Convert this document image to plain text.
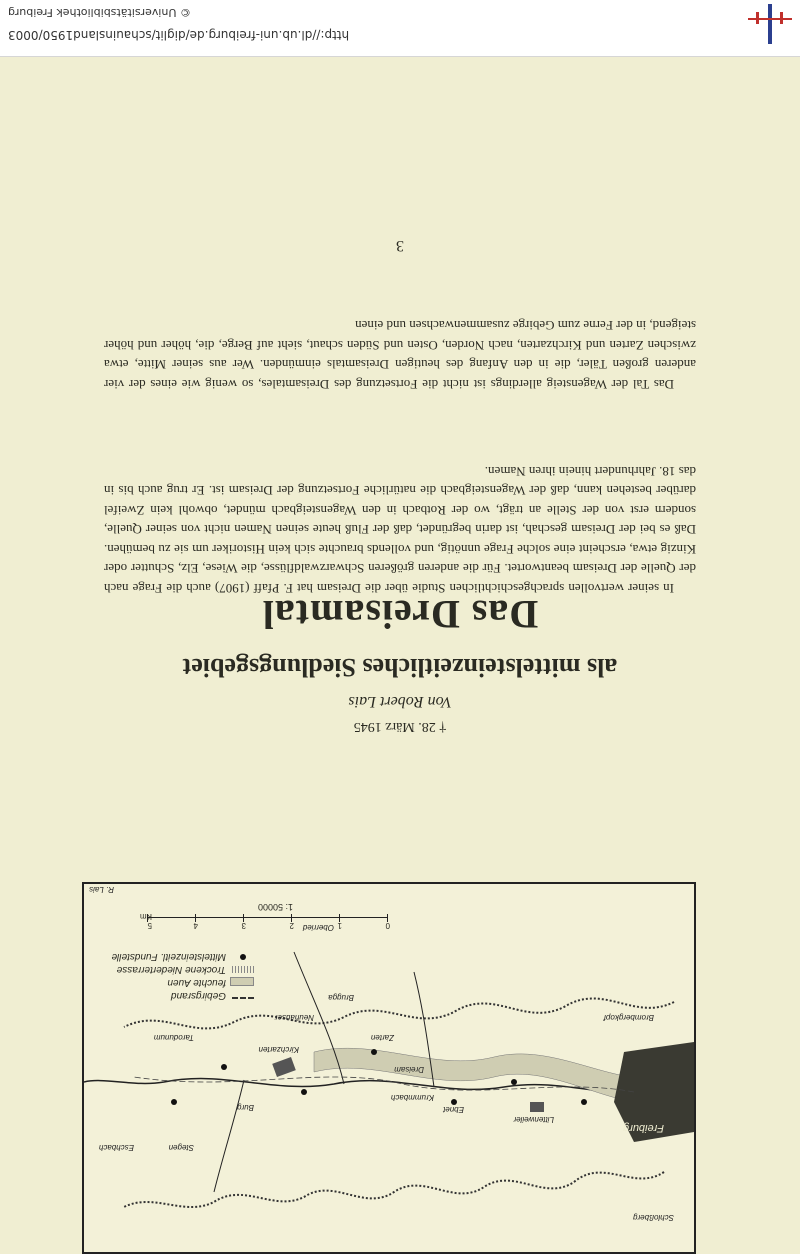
http://dl.ub.uni-freiburg.de/diglit/schauinsland1950/0003
© Universitätsbibliothek Freiburg
Freiburg
Littenweiler
Ebnet
Zarten
Kirchzarten
Stegen
Burg
Neuhäuser
Oberried
Tarodunum
Dreisam
Krummbach
Brombergkopf
Schloßberg
Eschbach
Brugga
R. Lais
Gebirgsrand
feuchte Auen
Trockene Niederterrasse
Mittelsteinzeitl. Fundstelle
0
1
2
3
4
5 Km
1: 50000
Das Dreisamtal
als mittelsteinzeitliches Siedlungsgebiet
Von Robert Lais
† 28. März 1945

In seiner wertvollen sprachgeschichtlichen Studie über die Dreisam hat F. Pfaff (1907) auch die Frage nach der Quelle der Dreisam beantwortet. Für die anderen größeren Schwarzwaldflüsse, die Wiese, Elz, Schutter oder Kinzig etwa, erscheint eine solche Frage unnötig, und vollends brauchte sich kein Historiker um sie zu bemühen. Daß es bei der Dreisam geschah, ist darin begründet, daß der Fluß heute seinen Namen nicht von seiner Quelle, sondern erst von der Stelle an trägt, wo der Rotbach in den Wagensteigbach mündet, obwohl kein Zweifel darüber bestehen kann, daß der Wagensteigbach die natürliche Fortsetzung der Dreisam ist. Er trug auch bis in das 18. Jahrhundert hinein ihren Namen.

Das Tal der Wagensteig allerdings ist nicht die Fortsetzung des Dreisamtales, so wenig wie eines der vier anderen großen Täler, die in den Anfang des heutigen Dreisamtals einmünden. Wer aus seiner Mitte, etwa zwischen Zarten und Kirchzarten, nach Norden, Osten und Süden schaut, sieht auf Berge, die, höher und höher steigend, in der Ferne zum Gebirge zusammenwachsen und einen

3
